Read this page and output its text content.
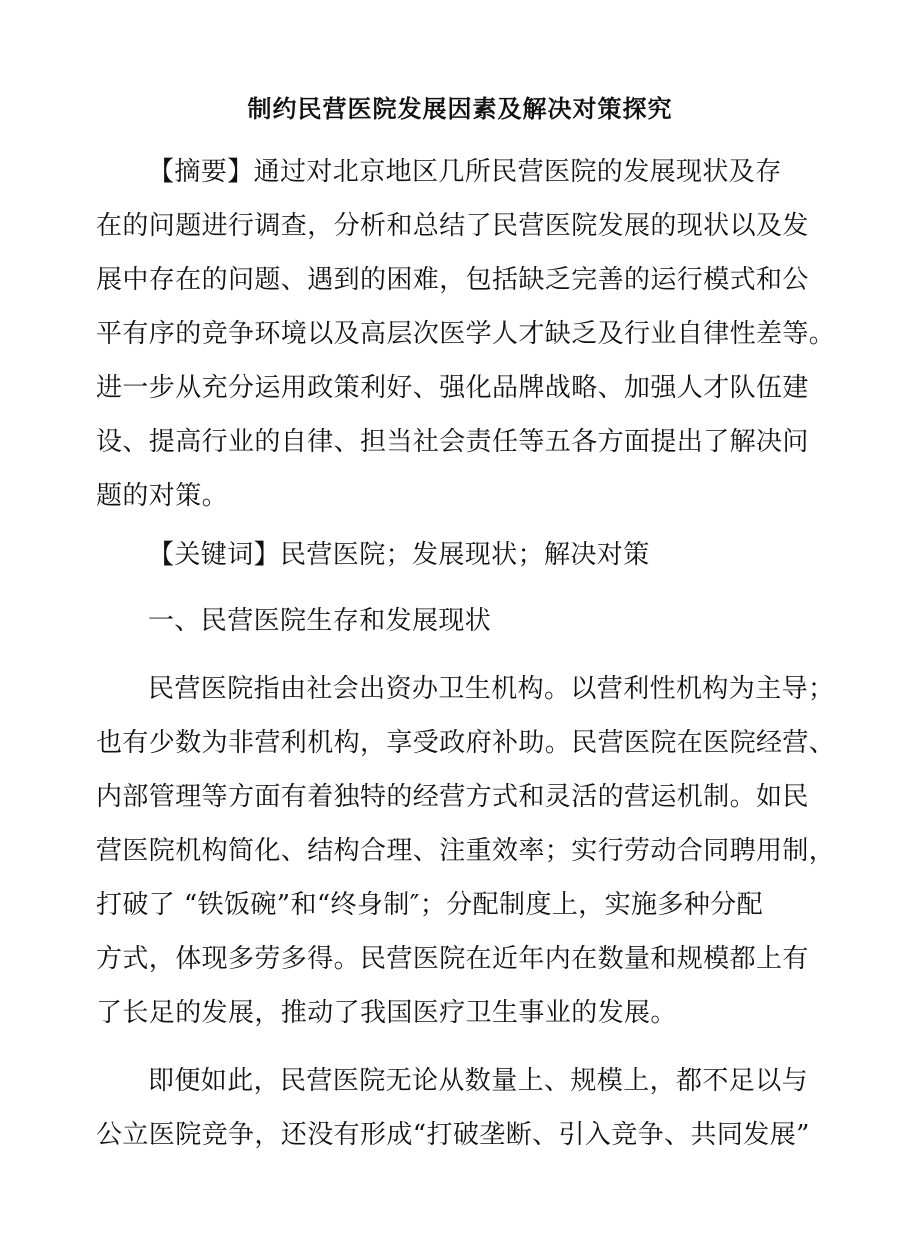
制约民营医院发展因素及解决对策探究
【摘要】通过对北京地区几所民营医院的发展现状及存
在的问题进行调查，分析和总结了民营医院发展的现状以及发
展中存在的问题、遇到的困难，包括缺乏完善的运行模式和公
平有序的竞争环境以及高层次医学人才缺乏及行业自律性差等。
进一步从充分运用政策利好、强化品牌战略、加强人才队伍建
设、提高行业的自律、担当社会责任等五各方面提出了解决问
题的对策。
【关键词】民营医院；发展现状；解决对策
一、民营医院生存和发展现状
民营医院指由社会出资办卫生机构。以营利性机构为主导；
也有少数为非营利机构，享受政府补助。民营医院在医院经营、
内部管理等方面有着独特的经营方式和灵活的营运机制。如民
营医院机构简化、结构合理、注重效率；实行劳动合同聘用制，
打破了 “铁饭碗”和“终身制″；分配制度上，实施多种分配
方式，体现多劳多得。民营医院在近年内在数量和规模都上有
了长足的发展，推动了我国医疗卫生事业的发展。
即便如此，民营医院无论从数量上、规模上，都不足以与
公立医院竞争，还没有形成“打破垄断、引入竞争、共同发展”
